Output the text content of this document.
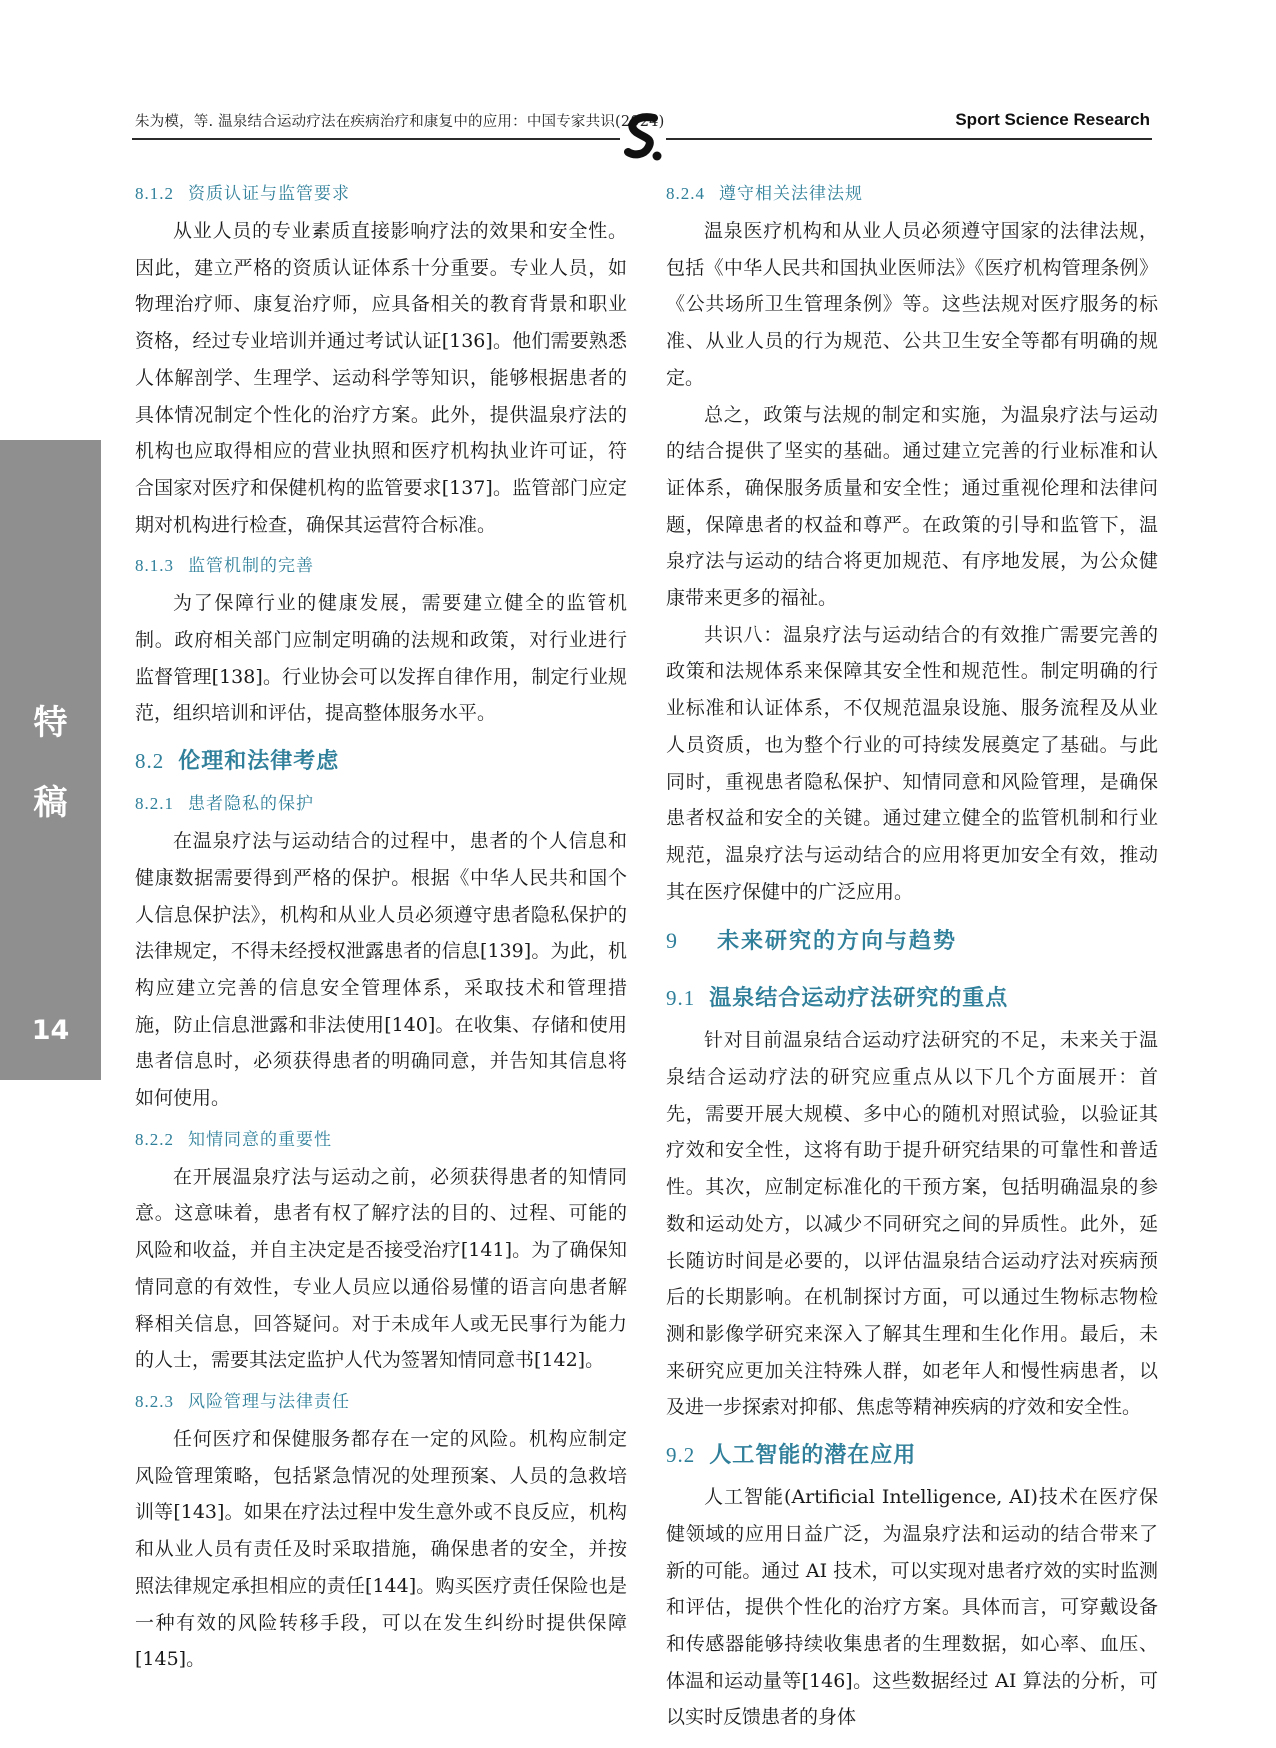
朱为模，等. 温泉结合运动疗法在疾病治疗和康复中的应用：中国专家共识(2024)	Sport Science Research
特
稿
14

8.1.2 资质认证与监管要求

从业人员的专业素质直接影响疗法的效果和安全性。因此，建立严格的资质认证体系十分重要。专业人员，如物理治疗师、康复治疗师，应具备相关的教育背景和职业资格，经过专业培训并通过考试认证[136]。他们需要熟悉人体解剖学、生理学、运动科学等知识，能够根据患者的具体情况制定个性化的治疗方案。此外，提供温泉疗法的机构也应取得相应的营业执照和医疗机构执业许可证，符合国家对医疗和保健机构的监管要求[137]。监管部门应定期对机构进行检查，确保其运营符合标准。

8.1.3 监管机制的完善

为了保障行业的健康发展，需要建立健全的监管机制。政府相关部门应制定明确的法规和政策，对行业进行监督管理[138]。行业协会可以发挥自律作用，制定行业规范，组织培训和评估，提高整体服务水平。

8.2 伦理和法律考虑

8.2.1 患者隐私的保护

在温泉疗法与运动结合的过程中，患者的个人信息和健康数据需要得到严格的保护。根据《中华人民共和国个人信息保护法》，机构和从业人员必须遵守患者隐私保护的法律规定，不得未经授权泄露患者的信息[139]。为此，机构应建立完善的信息安全管理体系，采取技术和管理措施，防止信息泄露和非法使用[140]。在收集、存储和使用患者信息时，必须获得患者的明确同意，并告知其信息将如何使用。

8.2.2 知情同意的重要性

在开展温泉疗法与运动之前，必须获得患者的知情同意。这意味着，患者有权了解疗法的目的、过程、可能的风险和收益，并自主决定是否接受治疗[141]。为了确保知情同意的有效性，专业人员应以通俗易懂的语言向患者解释相关信息，回答疑问。对于未成年人或无民事行为能力的人士，需要其法定监护人代为签署知情同意书[142]。

8.2.3 风险管理与法律责任

任何医疗和保健服务都存在一定的风险。机构应制定风险管理策略，包括紧急情况的处理预案、人员的急救培训等[143]。如果在疗法过程中发生意外或不良反应，机构和从业人员有责任及时采取措施，确保患者的安全，并按照法律规定承担相应的责任[144]。购买医疗责任保险也是一种有效的风险转移手段，可以在发生纠纷时提供保障[145]。

8.2.4 遵守相关法律法规

温泉医疗机构和从业人员必须遵守国家的法律法规，包括《中华人民共和国执业医师法》《医疗机构管理条例》《公共场所卫生管理条例》等。这些法规对医疗服务的标准、从业人员的行为规范、公共卫生安全等都有明确的规定。

总之，政策与法规的制定和实施，为温泉疗法与运动的结合提供了坚实的基础。通过建立完善的行业标准和认证体系，确保服务质量和安全性；通过重视伦理和法律问题，保障患者的权益和尊严。在政策的引导和监管下，温泉疗法与运动的结合将更加规范、有序地发展，为公众健康带来更多的福祉。

共识八：温泉疗法与运动结合的有效推广需要完善的政策和法规体系来保障其安全性和规范性。制定明确的行业标准和认证体系，不仅规范温泉设施、服务流程及从业人员资质，也为整个行业的可持续发展奠定了基础。与此同时，重视患者隐私保护、知情同意和风险管理，是确保患者权益和安全的关键。通过建立健全的监管机制和行业规范，温泉疗法与运动结合的应用将更加安全有效，推动其在医疗保健中的广泛应用。

9 未来研究的方向与趋势

9.1 温泉结合运动疗法研究的重点

针对目前温泉结合运动疗法研究的不足，未来关于温泉结合运动疗法的研究应重点从以下几个方面展开：首先，需要开展大规模、多中心的随机对照试验，以验证其疗效和安全性，这将有助于提升研究结果的可靠性和普适性。其次，应制定标准化的干预方案，包括明确温泉的参数和运动处方，以减少不同研究之间的异质性。此外，延长随访时间是必要的，以评估温泉结合运动疗法对疾病预后的长期影响。在机制探讨方面，可以通过生物标志物检测和影像学研究来深入了解其生理和生化作用。最后，未来研究应更加关注特殊人群，如老年人和慢性病患者，以及进一步探索对抑郁、焦虑等精神疾病的疗效和安全性。

9.2 人工智能的潜在应用

人工智能(Artificial Intelligence, AI)技术在医疗保健领域的应用日益广泛，为温泉疗法和运动的结合带来了新的可能。通过 AI 技术，可以实现对患者疗效的实时监测和评估，提供个性化的治疗方案。具体而言，可穿戴设备和传感器能够持续收集患者的生理数据，如心率、血压、体温和运动量等[146]。这些数据经过 AI 算法的分析，可以实时反馈患者的身体
